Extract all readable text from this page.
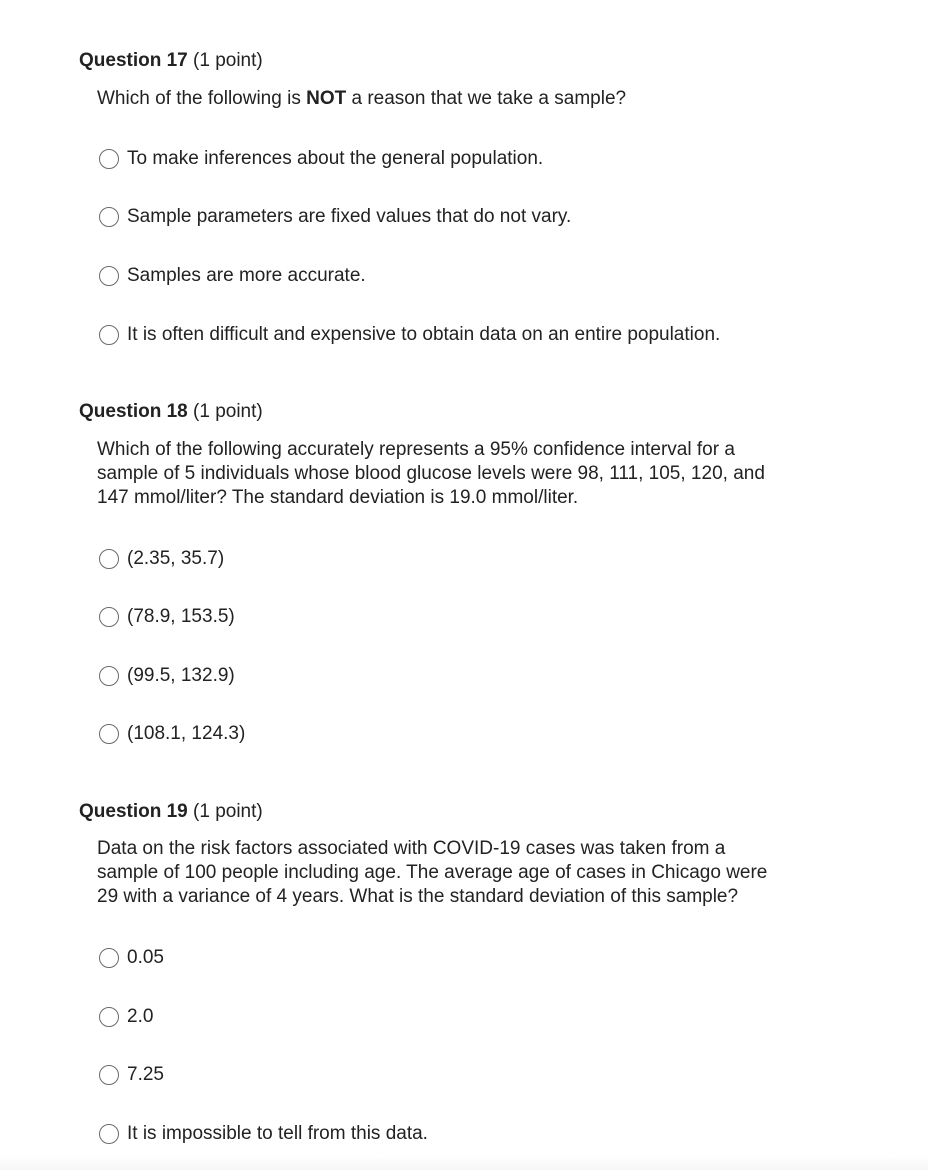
Question 17 (1 point)
Which of the following is NOT a reason that we take a sample?
To make inferences about the general population.
Sample parameters are fixed values that do not vary.
Samples are more accurate.
It is often difficult and expensive to obtain data on an entire population.
Question 18 (1 point)
Which of the following accurately represents a 95% confidence interval for a
sample of 5 individuals whose blood glucose levels were 98, 111, 105, 120, and
147 mmol/liter? The standard deviation is 19.0 mmol/liter.
(2.35, 35.7)
(78.9, 153.5)
(99.5, 132.9)
(108.1, 124.3)
Question 19 (1 point)
Data on the risk factors associated with COVID-19 cases was taken from a
sample of 100 people including age. The average age of cases in Chicago were
29 with a variance of 4 years. What is the standard deviation of this sample?
0.05
2.0
7.25
It is impossible to tell from this data.
